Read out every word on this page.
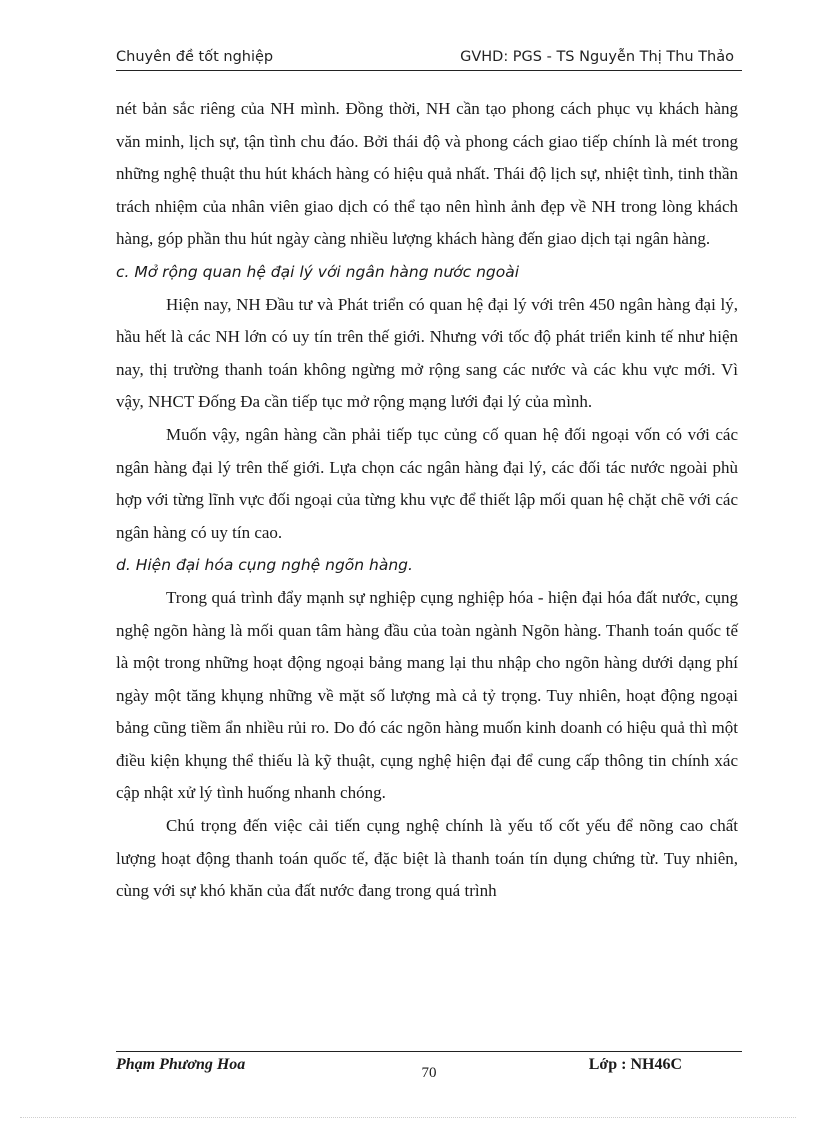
Chuyên đề tốt nghiệp	GVHD: PGS - TS Nguyễn Thị Thu Thảo

nét bản sắc riêng của NH mình. Đồng thời, NH cần tạo phong cách phục vụ khách hàng văn minh, lịch sự, tận tình chu đáo. Bởi thái độ và phong cách giao tiếp chính là mét trong những nghệ thuật thu hút khách hàng có hiệu quả nhất. Thái độ lịch sự, nhiệt tình, tinh thần trách nhiệm của nhân viên giao dịch có thể tạo nên hình ảnh đẹp về NH trong lòng khách hàng, góp phần thu hút ngày càng nhiều lượng khách hàng đến giao dịch tại ngân hàng.

c. Mở rộng quan hệ đại lý với ngân hàng nước ngoài

Hiện nay, NH Đầu tư và Phát triển có quan hệ đại lý với trên 450 ngân hàng đại lý, hầu hết là các NH lớn có uy tín trên thế giới. Nhưng với tốc độ phát triển kinh tế như hiện nay, thị trường thanh toán không ngừng mở rộng sang các nước và các khu vực mới. Vì vậy, NHCT Đống Đa cần tiếp tục mở rộng mạng lưới đại lý của mình.

Muốn vậy, ngân hàng cần phải tiếp tục củng cố quan hệ đối ngoại vốn có với các ngân hàng đại lý trên thế giới. Lựa chọn các ngân hàng đại lý, các đối tác nước ngoài phù hợp với từng lĩnh vực đối ngoại của từng khu vực để thiết lập mối quan hệ chặt chẽ với các ngân hàng có uy tín cao.

d. Hiện đại hóa cụng nghệ ngõn hàng.

Trong quá trình đẩy mạnh sự nghiệp cụng nghiệp hóa - hiện đại hóa đất nước, cụng nghệ ngõn hàng là mối quan tâm hàng đầu của toàn ngành Ngõn hàng. Thanh toán quốc tế là một trong những hoạt động ngoại bảng mang lại thu nhập cho ngõn hàng dưới dạng phí ngày một tăng khụng những về mặt số lượng mà cả tỷ trọng. Tuy nhiên, hoạt động ngoại bảng cũng tiềm ẩn nhiều rủi ro. Do đó các ngõn hàng muốn kinh doanh có hiệu quả thì một điều kiện khụng thể thiếu là kỹ thuật, cụng nghệ hiện đại để cung cấp thông tin chính xác cập nhật xử lý tình huống nhanh chóng.

Chú trọng đến việc cải tiến cụng nghệ chính là yếu tố cốt yếu để nõng cao chất lượng hoạt động thanh toán quốc tế, đặc biệt là thanh toán tín dụng chứng từ. Tuy nhiên, cùng với sự khó khăn của đất nước đang trong quá trình

Phạm Phương Hoa	70	Lớp : NH46C
